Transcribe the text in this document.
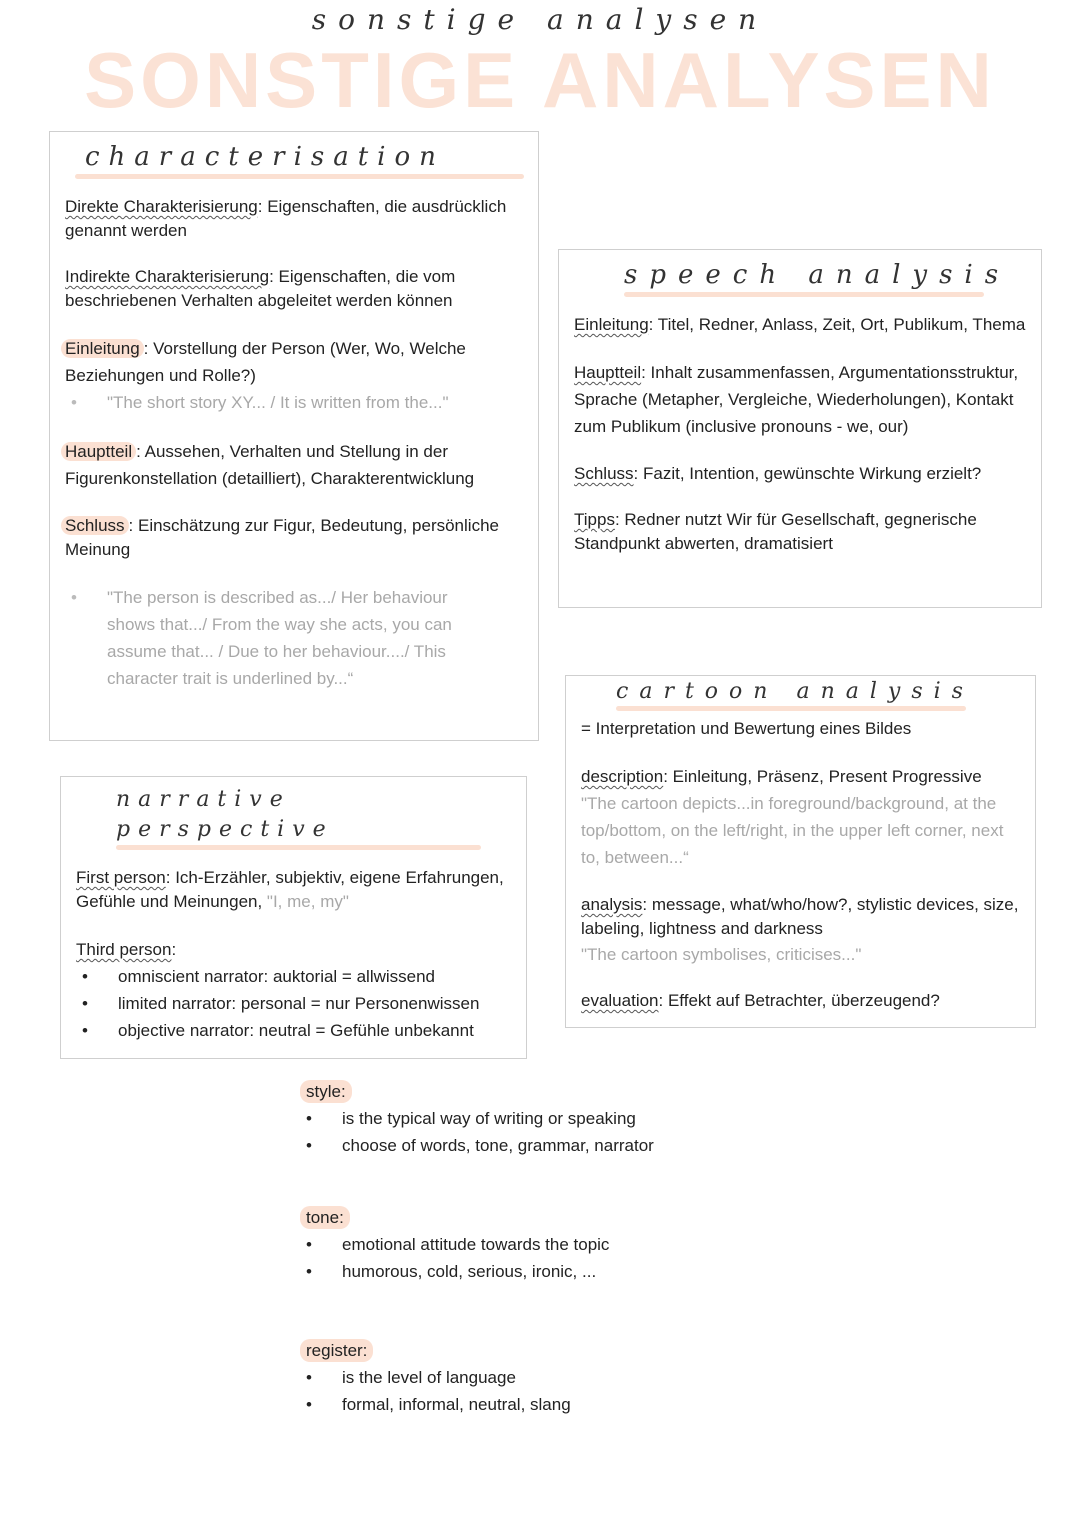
sonstige analysen
SONSTIGE ANALYSEN
characterisation
Direkte Charakterisierung: Eigenschaften, die ausdrücklich genannt werden
Indirekte Charakterisierung: Eigenschaften, die vom beschriebenen Verhalten abgeleitet werden können
Einleitung : Vorstellung der Person (Wer, Wo, Welche Beziehungen und Rolle?)
• "The short story XY... / It is written from the..."
Hauptteil : Aussehen, Verhalten und Stellung in der Figurenkonstellation (detailliert), Charakterentwicklung
Schluss : Einschätzung zur Figur, Bedeutung, persönliche Meinung
• "The person is described as.../ Her behaviour shows that.../ From the way she acts, you can assume that... / Due to her behaviour..../ This character trait is underlined by...“
speech analysis
Einleitung: Titel, Redner, Anlass, Zeit, Ort, Publikum, Thema
Hauptteil: Inhalt zusammenfassen, Argumentationsstruktur, Sprache (Metapher, Vergleiche, Wiederholungen), Kontakt zum Publikum (inclusive pronouns - we, our)
Schluss: Fazit, Intention, gewünschte Wirkung erzielt?
Tipps: Redner nutzt Wir für Gesellschaft, gegnerische Standpunkt abwerten, dramatisiert
cartoon analysis
= Interpretation und Bewertung eines Bildes
description: Einleitung, Präsenz, Present Progressive
"The cartoon depicts...in foreground/background, at the top/bottom, on the left/right, in the upper left corner, next to, between...“
analysis: message, what/who/how?, stylistic devices, size, labeling, lightness and darkness
"The cartoon symbolises, criticises..."
evaluation: Effekt auf Betrachter, überzeugend?
narrative perspective
First person: Ich-Erzähler, subjektiv, eigene Erfahrungen, Gefühle und Meinungen, "I, me, my"
Third person:
• omniscient narrator: auktorial = allwissend
• limited narrator: personal = nur Personenwissen
• objective narrator: neutral = Gefühle unbekannt
style:
• is the typical way of writing or speaking
• choose of words, tone, grammar, narrator
tone:
• emotional attitude towards the topic
• humorous, cold, serious, ironic, ...
register:
• is the level of language
• formal, informal, neutral, slang
